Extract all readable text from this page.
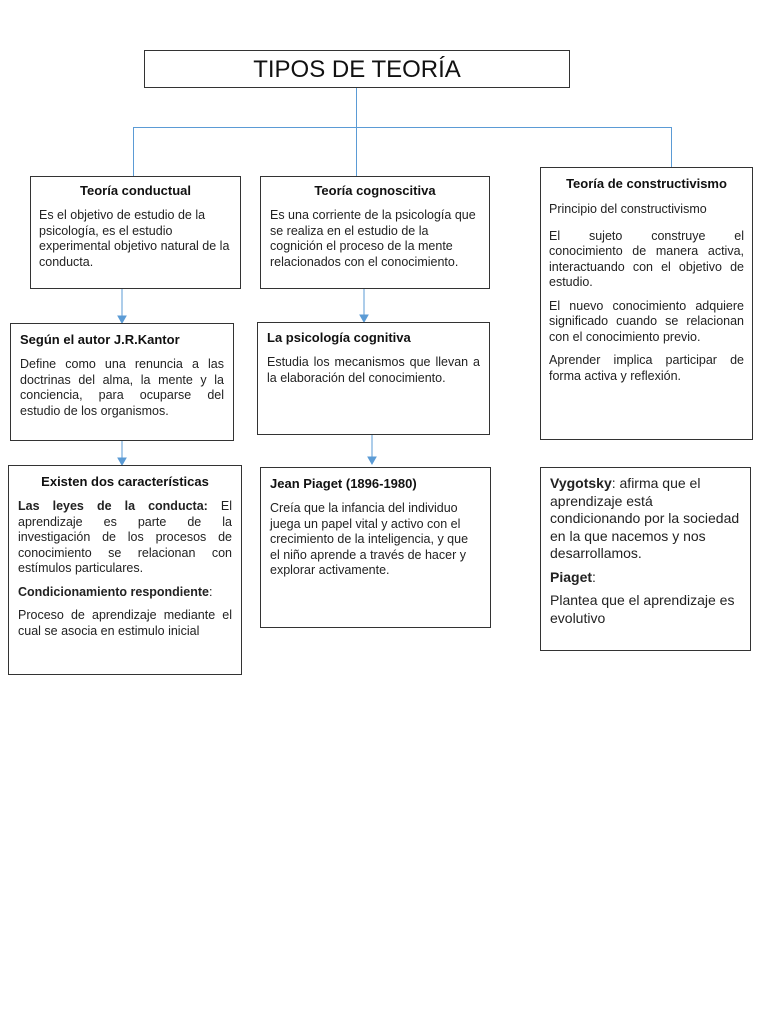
TIPOS DE TEORÍA

Teoría conductual

Es el objetivo de estudio de la psicología, es el estudio experimental objetivo natural de la conducta.

Según el autor J.R.Kantor

Define como una renuncia a las doctrinas del alma, la mente y la conciencia, para ocuparse del estudio de los organismos.

Existen dos características

Las leyes de la conducta: El aprendizaje es parte de la investigación de los procesos de conocimiento se relacionan con estímulos particulares.

Condicionamiento respondiente:

Proceso de aprendizaje mediante el cual se asocia en estimulo inicial

Teoría cognoscitiva

Es una corriente de la psicología que se realiza en el estudio de la cognición el proceso de la mente relacionados con el conocimiento.

La psicología cognitiva

Estudia los mecanismos que llevan a la elaboración del conocimiento.

Jean Piaget (1896-1980)

Creía que la infancia del individuo juega un papel vital y activo con el crecimiento de la inteligencia, y que el niño aprende a través de hacer y explorar activamente.

Teoría de constructivismo

Principio del constructivismo

El sujeto construye el conocimiento de manera activa, interactuando con el objetivo de estudio.

El nuevo conocimiento adquiere significado cuando se relacionan con el conocimiento previo.

Aprender implica participar de forma activa y reflexión.

Vygotsky: afirma que el aprendizaje está condicionando por la sociedad en la que nacemos y nos desarrollamos.

Piaget:

Plantea que el aprendizaje es evolutivo
